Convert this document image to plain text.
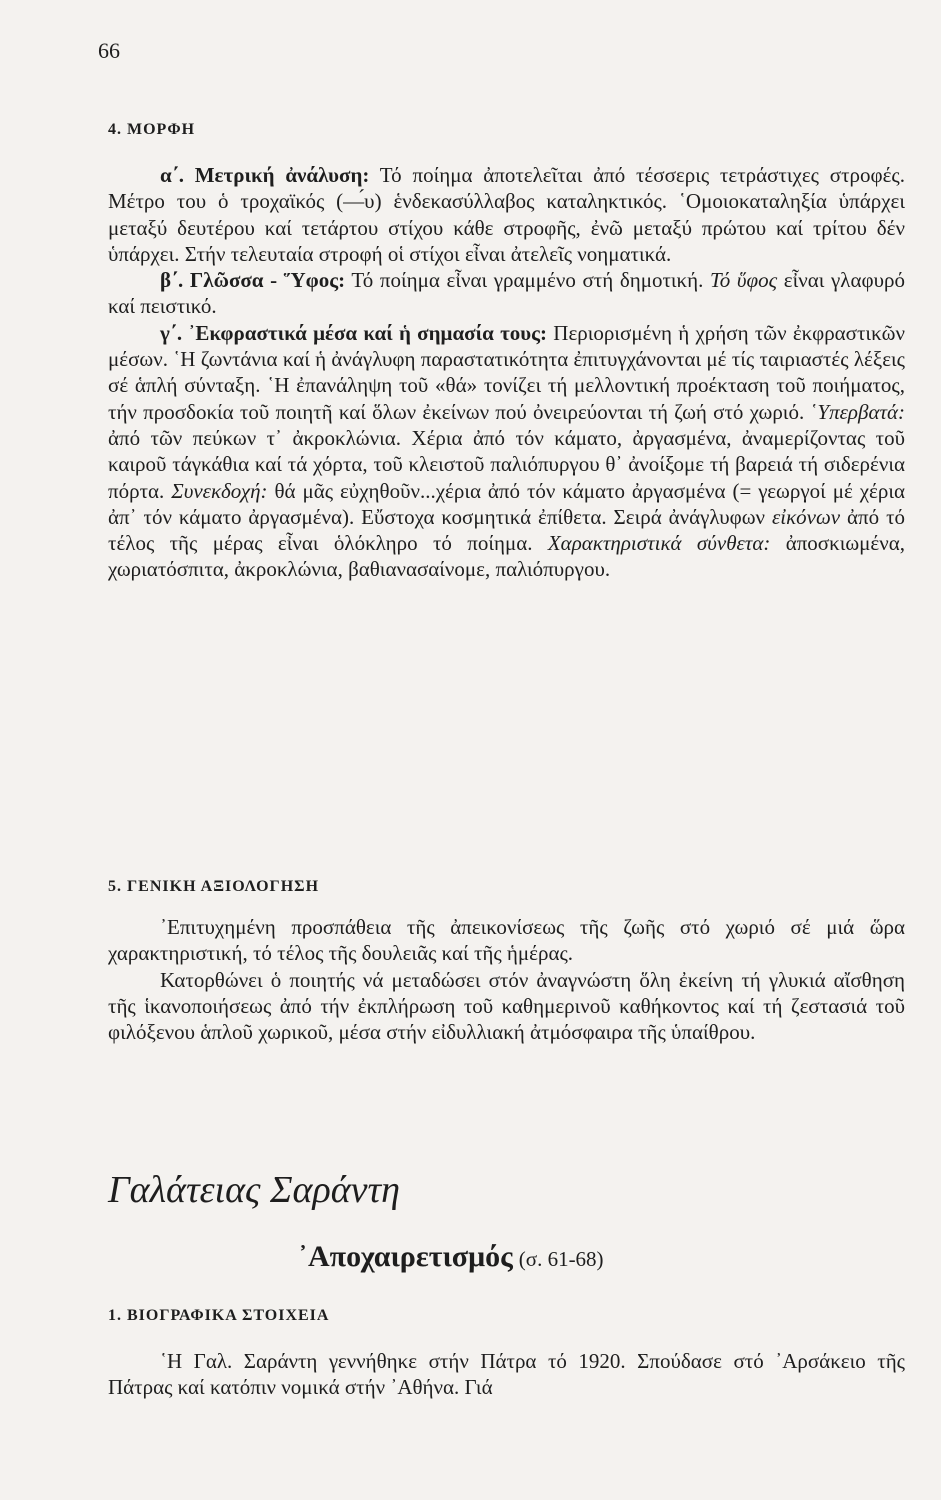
66
4. ΜΟΡΦΗ

α΄. Μετρική ἀνάλυση: Τό ποίημα ἀποτελεῖται ἀπό τέσσερις τετράστιχες στροφές. Μέτρο του ὁ τροχαϊκός (—́υ) ἑνδεκασύλλαβος καταληκτικός. ῾Ομοιοκαταληξία ὑπάρχει μεταξύ δευτέρου καί τετάρτου στίχου κάθε στροφῆς, ἐνῶ μεταξύ πρώτου καί τρίτου δέν ὑπάρχει. Στήν τελευταία στροφή οἱ στίχοι εἶναι ἀτελεῖς νοηματικά.

β΄. Γλῶσσα - Ὕφος: Τό ποίημα εἶναι γραμμένο στή δημοτική. Τό ὕφος εἶναι γλαφυρό καί πειστικό.

γ΄. ᾿Εκφραστικά μέσα καί ἡ σημασία τους: Περιορισμένη ἡ χρήση τῶν ἐκφραστικῶν μέσων. ῾Η ζωντάνια καί ἡ ἀνάγλυφη παραστατικότητα ἐπιτυγχάνονται μέ τίς ταιριαστές λέξεις σέ ἁπλή σύνταξη. ῾Η ἐπανάληψη τοῦ «θά» τονίζει τή μελλοντική προέκταση τοῦ ποιήματος, τήν προσδοκία τοῦ ποιητῆ καί ὅλων ἐκείνων πού ὀνειρεύονται τή ζωή στό χωριό. ῾Υπερβατά: ἀπό τῶν πεύκων τ᾿ ἀκροκλώνια. Χέρια ἀπό τόν κάματο, ἀργασμένα, ἀναμερίζοντας τοῦ καιροῦ τάγκάθια καί τά χόρτα, τοῦ κλειστοῦ παλιόπυργου θ᾿ ἀνοίξομε τή βαρειά τή σιδερένια πόρτα. Συνεκδοχή: θά μᾶς εὐχηθοῦν...χέρια ἀπό τόν κάματο ἀργασμένα (= γεωργοί μέ χέρια ἀπ᾿ τόν κάματο ἀργασμένα). Εὔστοχα κοσμητικά ἐπίθετα. Σειρά ἀνάγλυφων εἰκόνων ἀπό τό τέλος τῆς μέρας εἶναι ὁλόκληρο τό ποίημα. Χαρακτηριστικά σύνθετα: ἀποσκιωμένα, χωριατόσπιτα, ἀκροκλώνια, βαθιανασαίνομε, παλιόπυργου.

5. ΓΕΝΙΚΗ ΑΞΙΟΛΟΓΗΣΗ

᾿Επιτυχημένη προσπάθεια τῆς ἀπεικονίσεως τῆς ζωῆς στό χωριό σέ μιά ὥρα χαρακτηριστική, τό τέλος τῆς δουλειᾶς καί τῆς ἡμέρας.

Κατορθώνει ὁ ποιητής νά μεταδώσει στόν ἀναγνώστη ὅλη ἐκείνη τή γλυκιά αἴσθηση τῆς ἱκανοποιήσεως ἀπό τήν ἐκπλήρωση τοῦ καθημερινοῦ καθήκοντος καί τή ζεστασιά τοῦ φιλόξενου ἁπλοῦ χωρικοῦ, μέσα στήν εἰδυλλιακή ἀτμόσφαιρα τῆς ὑπαίθρου.

Γαλάτειας Σαράντη
᾿Αποχαιρετισμός (σ. 61-68)
1. ΒΙΟΓΡΑΦΙΚΑ ΣΤΟΙΧΕΙΑ

῾Η Γαλ. Σαράντη γεννήθηκε στήν Πάτρα τό 1920. Σπούδασε στό ᾿Αρσάκειο τῆς Πάτρας καί κατόπιν νομικά στήν ᾿Αθήνα. Γιά
